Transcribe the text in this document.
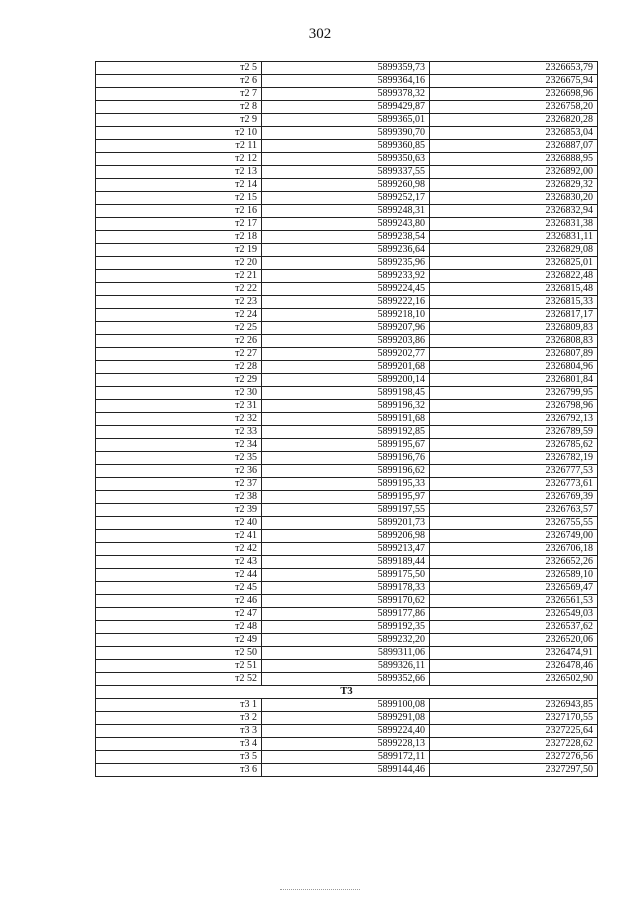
302
т2 5	5899359,73	2326653,79
т2 6	5899364,16	2326675,94
т2 7	5899378,32	2326698,96
т2 8	5899429,87	2326758,20
т2 9	5899365,01	2326820,28
т2 10	5899390,70	2326853,04
т2 11	5899360,85	2326887,07
т2 12	5899350,63	2326888,95
т2 13	5899337,55	2326892,00
т2 14	5899260,98	2326829,32
т2 15	5899252,17	2326830,20
т2 16	5899248,31	2326832,94
т2 17	5899243,80	2326831,38
т2 18	5899238,54	2326831,11
т2 19	5899236,64	2326829,08
т2 20	5899235,96	2326825,01
т2 21	5899233,92	2326822,48
т2 22	5899224,45	2326815,48
т2 23	5899222,16	2326815,33
т2 24	5899218,10	2326817,17
т2 25	5899207,96	2326809,83
т2 26	5899203,86	2326808,83
т2 27	5899202,77	2326807,89
т2 28	5899201,68	2326804,96
т2 29	5899200,14	2326801,84
т2 30	5899198,45	2326799,95
т2 31	5899196,32	2326798,96
т2 32	5899191,68	2326792,13
т2 33	5899192,85	2326789,59
т2 34	5899195,67	2326785,62
т2 35	5899196,76	2326782,19
т2 36	5899196,62	2326777,53
т2 37	5899195,33	2326773,61
т2 38	5899195,97	2326769,39
т2 39	5899197,55	2326763,57
т2 40	5899201,73	2326755,55
т2 41	5899206,98	2326749,00
т2 42	5899213,47	2326706,18
т2 43	5899189,44	2326652,26
т2 44	5899175,50	2326589,10
т2 45	5899178,33	2326569,47
т2 46	5899170,62	2326561,53
т2 47	5899177,86	2326549,03
т2 48	5899192,35	2326537,62
т2 49	5899232,20	2326520,06
т2 50	5899311,06	2326474,91
т2 51	5899326,11	2326478,46
т2 52	5899352,66	2326502,90
Т3		
т3 1	5899100,08	2326943,85
т3 2	5899291,08	2327170,55
т3 3	5899224,40	2327225,64
т3 4	5899228,13	2327228,62
т3 5	5899172,11	2327276,56
т3 6	5899144,46	2327297,50
